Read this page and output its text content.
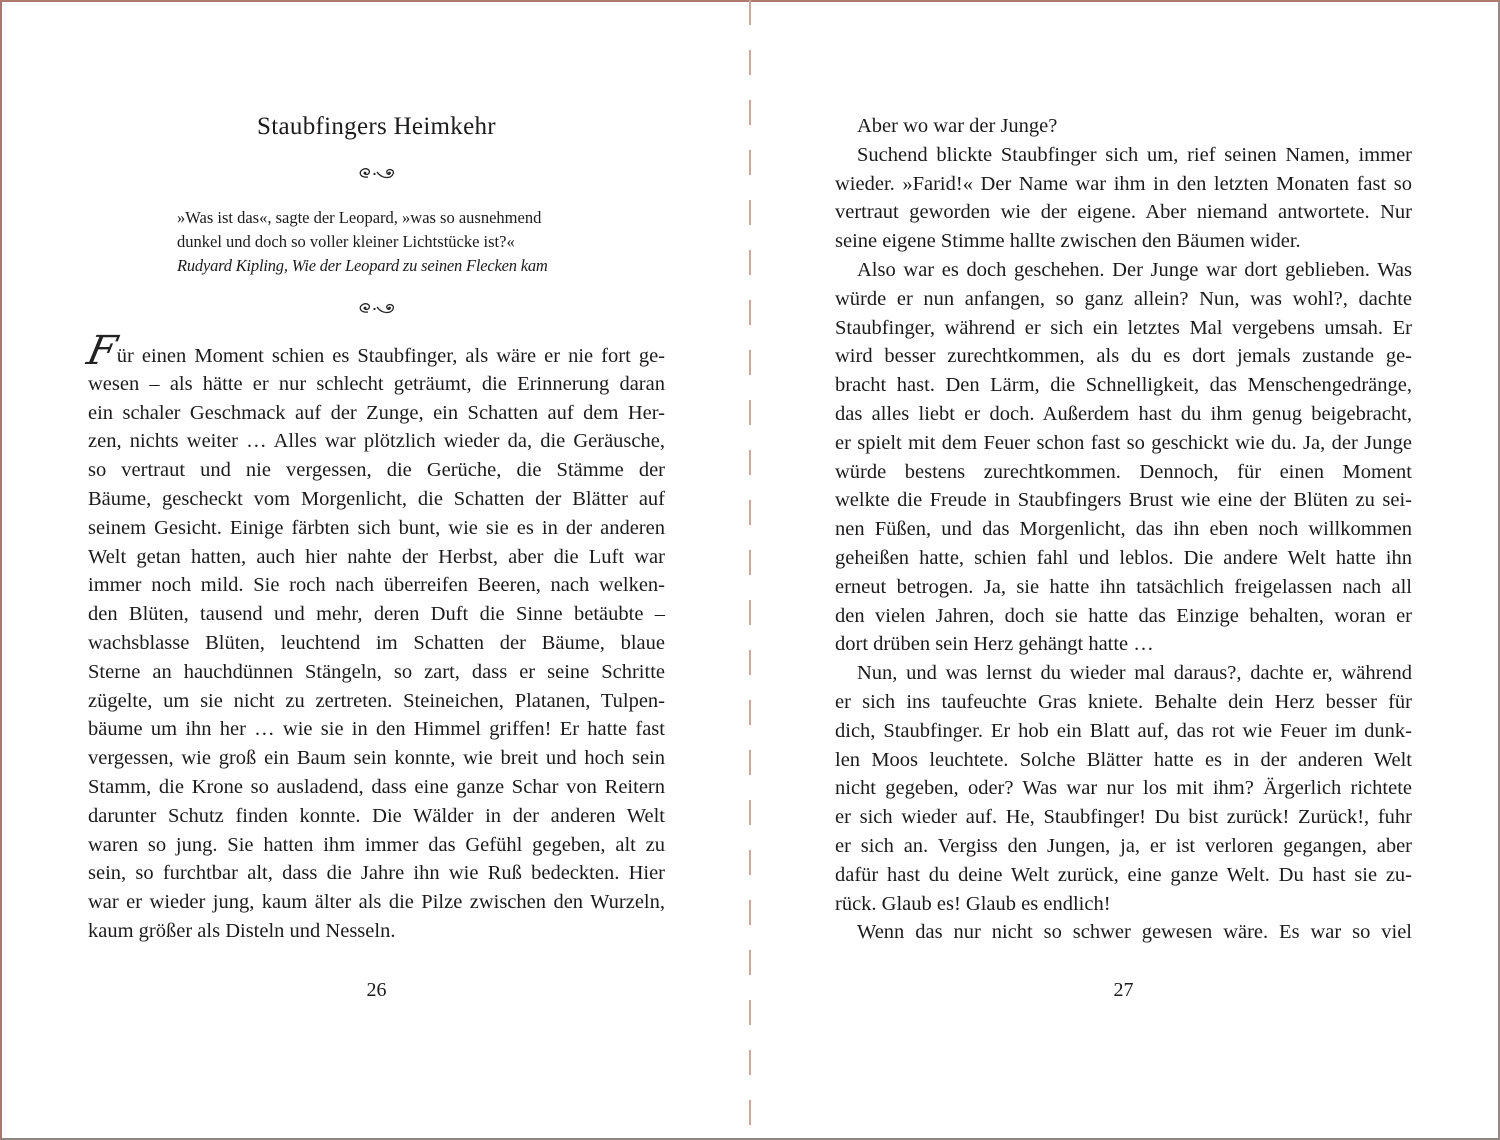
Staubfingers Heimkehr
»Was ist das«, sagte der Leopard, »was so ausnehmend
dunkel und doch so voller kleiner Lichtstücke ist?«
Rudyard Kipling, Wie der Leopard zu seinen Flecken kam
Für einen Moment schien es Staubfinger, als wäre er nie fort ge-
wesen – als hätte er nur schlecht geträumt, die Erinnerung daran
ein schaler Geschmack auf der Zunge, ein Schatten auf dem Her-
zen, nichts weiter … Alles war plötzlich wieder da, die Geräusche,
so vertraut und nie vergessen, die Gerüche, die Stämme der
Bäume, gescheckt vom Morgenlicht, die Schatten der Blätter auf
seinem Gesicht. Einige färbten sich bunt, wie sie es in der anderen
Welt getan hatten, auch hier nahte der Herbst, aber die Luft war
immer noch mild. Sie roch nach überreifen Beeren, nach welken-
den Blüten, tausend und mehr, deren Duft die Sinne betäubte –
wachsblasse Blüten, leuchtend im Schatten der Bäume, blaue
Sterne an hauchdünnen Stängeln, so zart, dass er seine Schritte
zügelte, um sie nicht zu zertreten. Steineichen, Platanen, Tulpen-
bäume um ihn her … wie sie in den Himmel griffen! Er hatte fast
vergessen, wie groß ein Baum sein konnte, wie breit und hoch sein
Stamm, die Krone so ausladend, dass eine ganze Schar von Reitern
darunter Schutz finden konnte. Die Wälder in der anderen Welt
waren so jung. Sie hatten ihm immer das Gefühl gegeben, alt zu
sein, so furchtbar alt, dass die Jahre ihn wie Ruß bedeckten. Hier
war er wieder jung, kaum älter als die Pilze zwischen den Wurzeln,
kaum größer als Disteln und Nesseln.
26
Aber wo war der Junge?
Suchend blickte Staubfinger sich um, rief seinen Namen, immer
wieder. »Farid!« Der Name war ihm in den letzten Monaten fast so
vertraut geworden wie der eigene. Aber niemand antwortete. Nur
seine eigene Stimme hallte zwischen den Bäumen wider.
Also war es doch geschehen. Der Junge war dort geblieben. Was
würde er nun anfangen, so ganz allein? Nun, was wohl?, dachte
Staubfinger, während er sich ein letztes Mal vergebens umsah. Er
wird besser zurechtkommen, als du es dort jemals zustande ge-
bracht hast. Den Lärm, die Schnelligkeit, das Menschengedränge,
das alles liebt er doch. Außerdem hast du ihm genug beigebracht,
er spielt mit dem Feuer schon fast so geschickt wie du. Ja, der Junge
würde bestens zurechtkommen. Dennoch, für einen Moment
welkte die Freude in Staubfingers Brust wie eine der Blüten zu sei-
nen Füßen, und das Morgenlicht, das ihn eben noch willkommen
geheißen hatte, schien fahl und leblos. Die andere Welt hatte ihn
erneut betrogen. Ja, sie hatte ihn tatsächlich freigelassen nach all
den vielen Jahren, doch sie hatte das Einzige behalten, woran er
dort drüben sein Herz gehängt hatte …
Nun, und was lernst du wieder mal daraus?, dachte er, während
er sich ins taufeuchte Gras kniete. Behalte dein Herz besser für
dich, Staubfinger. Er hob ein Blatt auf, das rot wie Feuer im dunk-
len Moos leuchtete. Solche Blätter hatte es in der anderen Welt
nicht gegeben, oder? Was war nur los mit ihm? Ärgerlich richtete
er sich wieder auf. He, Staubfinger! Du bist zurück! Zurück!, fuhr
er sich an. Vergiss den Jungen, ja, er ist verloren gegangen, aber
dafür hast du deine Welt zurück, eine ganze Welt. Du hast sie zu-
rück. Glaub es! Glaub es endlich!
Wenn das nur nicht so schwer gewesen wäre. Es war so viel
27
